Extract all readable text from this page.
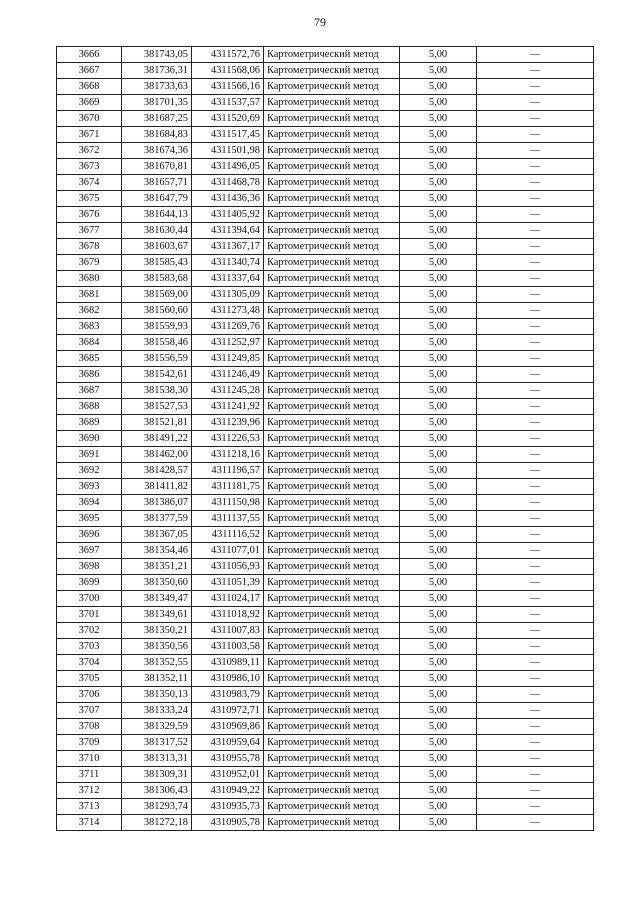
79
3666	381743,05	4311572,76	Картометрический метод	5,00	—
3667	381736,31	4311568,06	Картометрический метод	5,00	—
3668	381733,63	4311566,16	Картометрический метод	5,00	—
3669	381701,35	4311537,57	Картометрический метод	5,00	—
3670	381687,25	4311520,69	Картометрический метод	5,00	—
3671	381684,83	4311517,45	Картометрический метод	5,00	—
3672	381674,36	4311501,98	Картометрический метод	5,00	—
3673	381670,81	4311496,05	Картометрический метод	5,00	—
3674	381657,71	4311468,78	Картометрический метод	5,00	—
3675	381647,79	4311436,36	Картометрический метод	5,00	—
3676	381644,13	4311405,92	Картометрический метод	5,00	—
3677	381630,44	4311394,64	Картометрический метод	5,00	—
3678	381603,67	4311367,17	Картометрический метод	5,00	—
3679	381585,43	4311340,74	Картометрический метод	5,00	—
3680	381583,68	4311337,64	Картометрический метод	5,00	—
3681	381569,00	4311305,09	Картометрический метод	5,00	—
3682	381560,60	4311273,48	Картометрический метод	5,00	—
3683	381559,93	4311269,76	Картометрический метод	5,00	—
3684	381558,46	4311252,97	Картометрический метод	5,00	—
3685	381556,59	4311249,85	Картометрический метод	5,00	—
3686	381542,61	4311246,49	Картометрический метод	5,00	—
3687	381538,30	4311245,28	Картометрический метод	5,00	—
3688	381527,53	4311241,92	Картометрический метод	5,00	—
3689	381521,81	4311239,96	Картометрический метод	5,00	—
3690	381491,22	4311226,53	Картометрический метод	5,00	—
3691	381462,00	4311218,16	Картометрический метод	5,00	—
3692	381428,57	4311196,57	Картометрический метод	5,00	—
3693	381411,82	4311181,75	Картометрический метод	5,00	—
3694	381386,07	4311150,98	Картометрический метод	5,00	—
3695	381377,59	4311137,55	Картометрический метод	5,00	—
3696	381367,05	4311116,52	Картометрический метод	5,00	—
3697	381354,46	4311077,01	Картометрический метод	5,00	—
3698	381351,21	4311056,93	Картометрический метод	5,00	—
3699	381350,60	4311051,39	Картометрический метод	5,00	—
3700	381349,47	4311024,17	Картометрический метод	5,00	—
3701	381349,61	4311018,92	Картометрический метод	5,00	—
3702	381350,21	4311007,83	Картометрический метод	5,00	—
3703	381350,56	4311003,58	Картометрический метод	5,00	—
3704	381352,55	4310989,11	Картометрический метод	5,00	—
3705	381352,11	4310986,10	Картометрический метод	5,00	—
3706	381350,13	4310983,79	Картометрический метод	5,00	—
3707	381333,24	4310972,71	Картометрический метод	5,00	—
3708	381329,59	4310969,86	Картометрический метод	5,00	—
3709	381317,52	4310959,64	Картометрический метод	5,00	—
3710	381313,31	4310955,78	Картометрический метод	5,00	—
3711	381309,31	4310952,01	Картометрический метод	5,00	—
3712	381306,43	4310949,22	Картометрический метод	5,00	—
3713	381293,74	4310935,73	Картометрический метод	5,00	—
3714	381272,18	4310905,78	Картометрический метод	5,00	—
